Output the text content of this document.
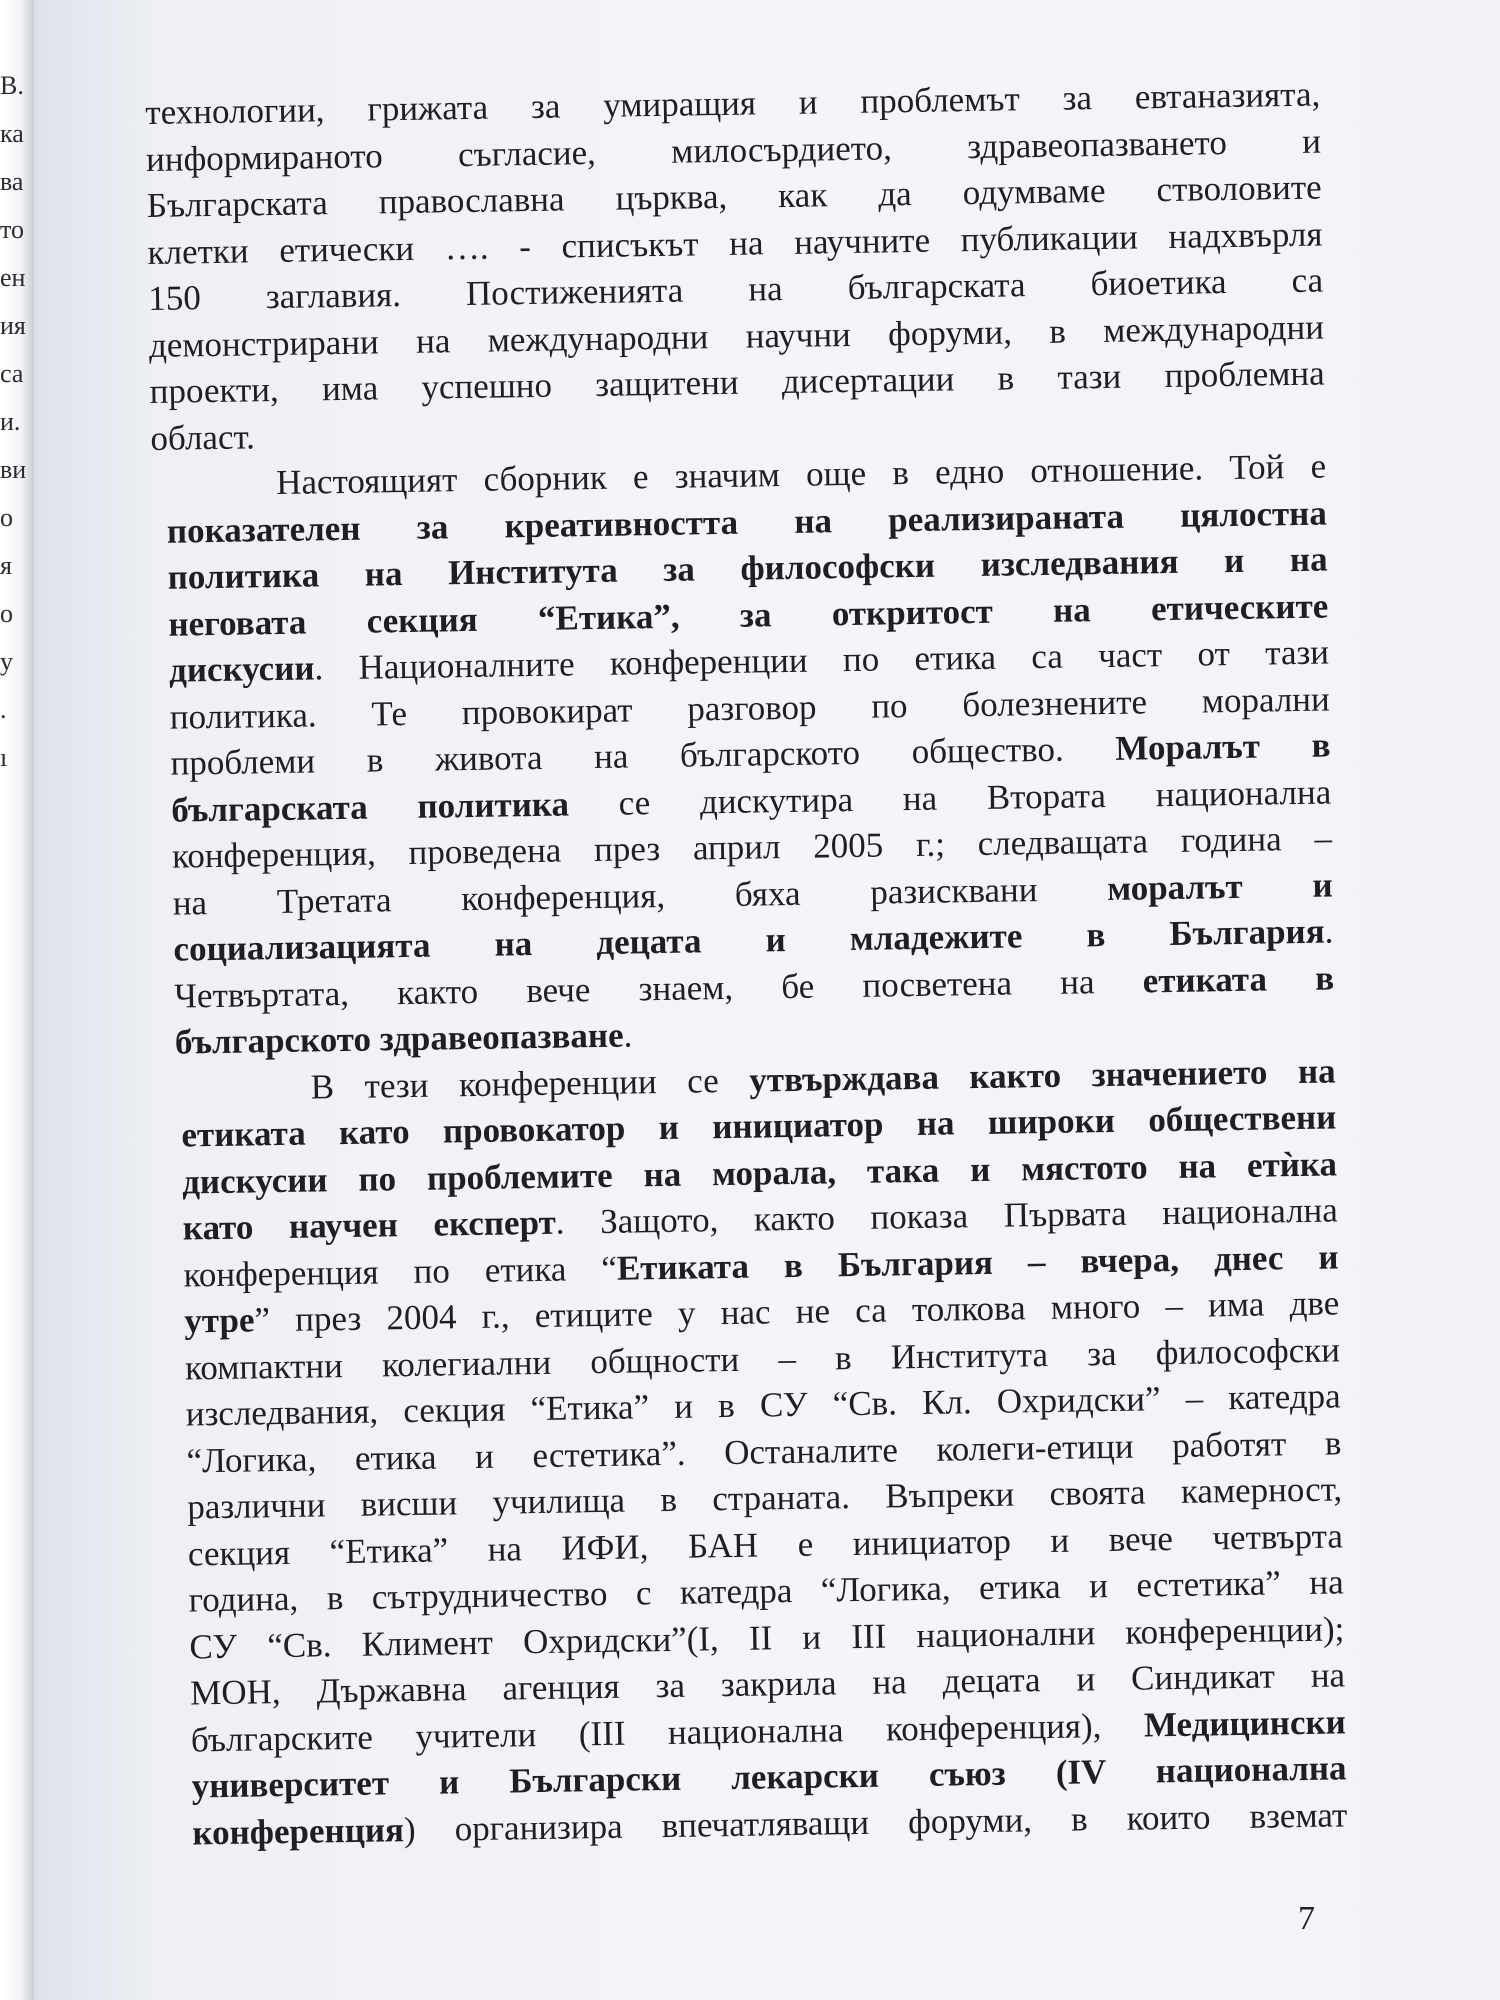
В.
ка
ва
то
ен
ия
са
и.
ви
о
я
о
у
.
ı
технологии, грижата за умиращия и проблемът за евтаназията,
информираното съгласие, милосърдието, здравеопазването и
Българската православна църква, как да одумваме стволовите
клетки етически …. - списъкът на научните публикации надхвърля
150 заглавия. Постиженията на българската биоетика са
демонстрирани на международни научни форуми, в международни
проекти, има успешно защитени дисертации в тази проблемна
област.
Настоящият сборник е значим още в едно отношение. Той е
показателен за креативността на реализираната цялостна
политика на Института за философски изследвания и на
неговата секция “Етика”, за откритост на етическите
дискусии. Националните конференции по етика са част от тази
политика. Те провокират разговор по болезнените морални
проблеми в живота на българското общество. Моралът в
българската политика се дискутира на Втората национална
конференция, проведена през април 2005 г.; следващата година –
на Третата конференция, бяха разисквани моралът и
социализацията на децата и младежите в България.
Четвъртата, както вече знаем, бе посветена на етиката в
българското здравеопазване.
В тези конференции се утвърждава както значението на
етиката като провокатор и инициатор на широки обществени
дискусии по проблемите на морала, така и мястото на етѝка
като научен експерт. Защото, както показа Първата национална
конференция по етика “Етиката в България – вчера, днес и
утре” през 2004 г., етиците у нас не са толкова много – има две
компактни колегиални общности – в Института за философски
изследвания, секция “Етика” и в СУ “Св. Кл. Охридски” – катедра
“Логика, етика и естетика”. Останалите колеги-етици работят в
различни висши училища в страната. Въпреки своята камерност,
секция “Етика” на ИФИ, БАН е инициатор и вече четвърта
година, в сътрудничество с катедра “Логика, етика и естетика” на
СУ “Св. Климент Охридски”(I, II и III национални конференции);
МОН, Държавна агенция за закрила на децата и Синдикат на
българските учители (III национална конференция), Медицински
университет и Български лекарски съюз (IV национална
конференция) организира впечатляващи форуми, в които вземат
7
